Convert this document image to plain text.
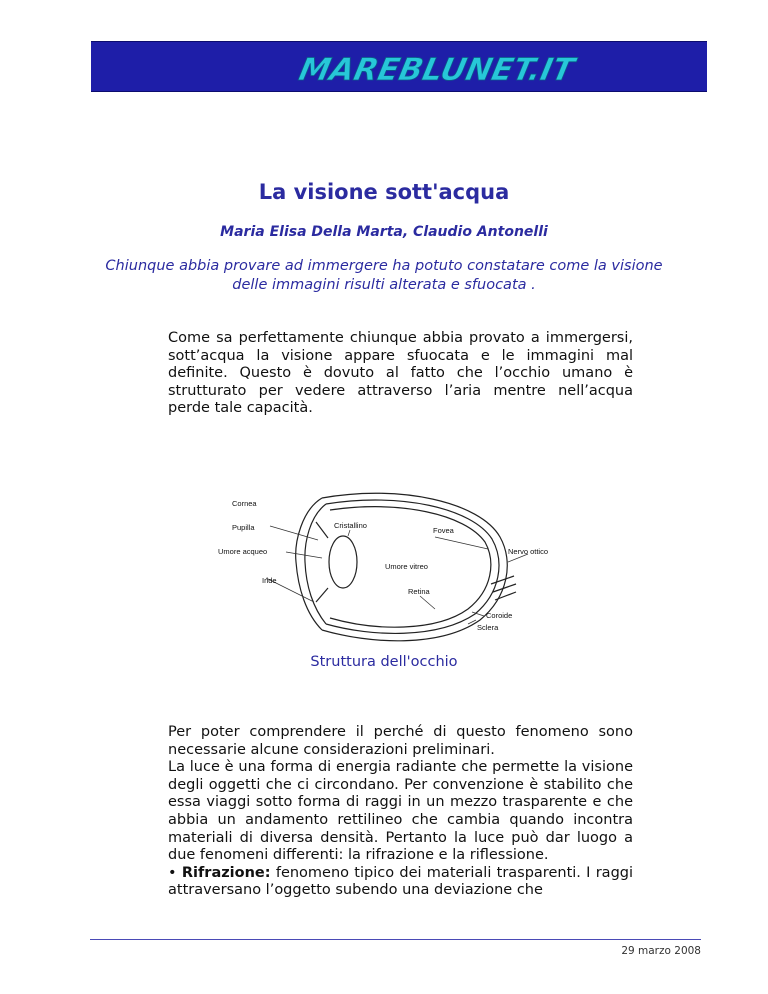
MAREBLUNET.IT
La visione sott'acqua
Maria Elisa Della Marta, Claudio Antonelli
Chiunque abbia provare ad immergere ha potuto constatare come la visione delle immagini risulti alterata e sfuocata .
Come sa perfettamente chiunque abbia provato a immergersi, sott’acqua la visione appare sfuocata e le immagini mal definite. Questo è dovuto al fatto che l’occhio umano è strutturato per vedere attraverso l’aria mentre nell’acqua perde tale capacità.
Cornea
Pupilla
Umore acqueo
Iride
Cristallino
Umore vitreo
Fovea
Nervo ottico
Retina
Coroide
Sclera
Struttura dell'occhio
Per poter comprendere il perché di questo fenomeno sono necessarie alcune considerazioni preliminari.
La luce è una forma di energia radiante che permette la visione degli oggetti che ci circondano. Per convenzione è stabilito che essa viaggi sotto forma di raggi in un mezzo trasparente e che abbia un andamento rettilineo che cambia quando incontra materiali di diversa densità. Pertanto la luce può dar luogo a due fenomeni differenti: la rifrazione e la riflessione.
• Rifrazione: fenomeno tipico dei materiali trasparenti. I raggi attraversano l’oggetto subendo una deviazione che
29 marzo 2008
